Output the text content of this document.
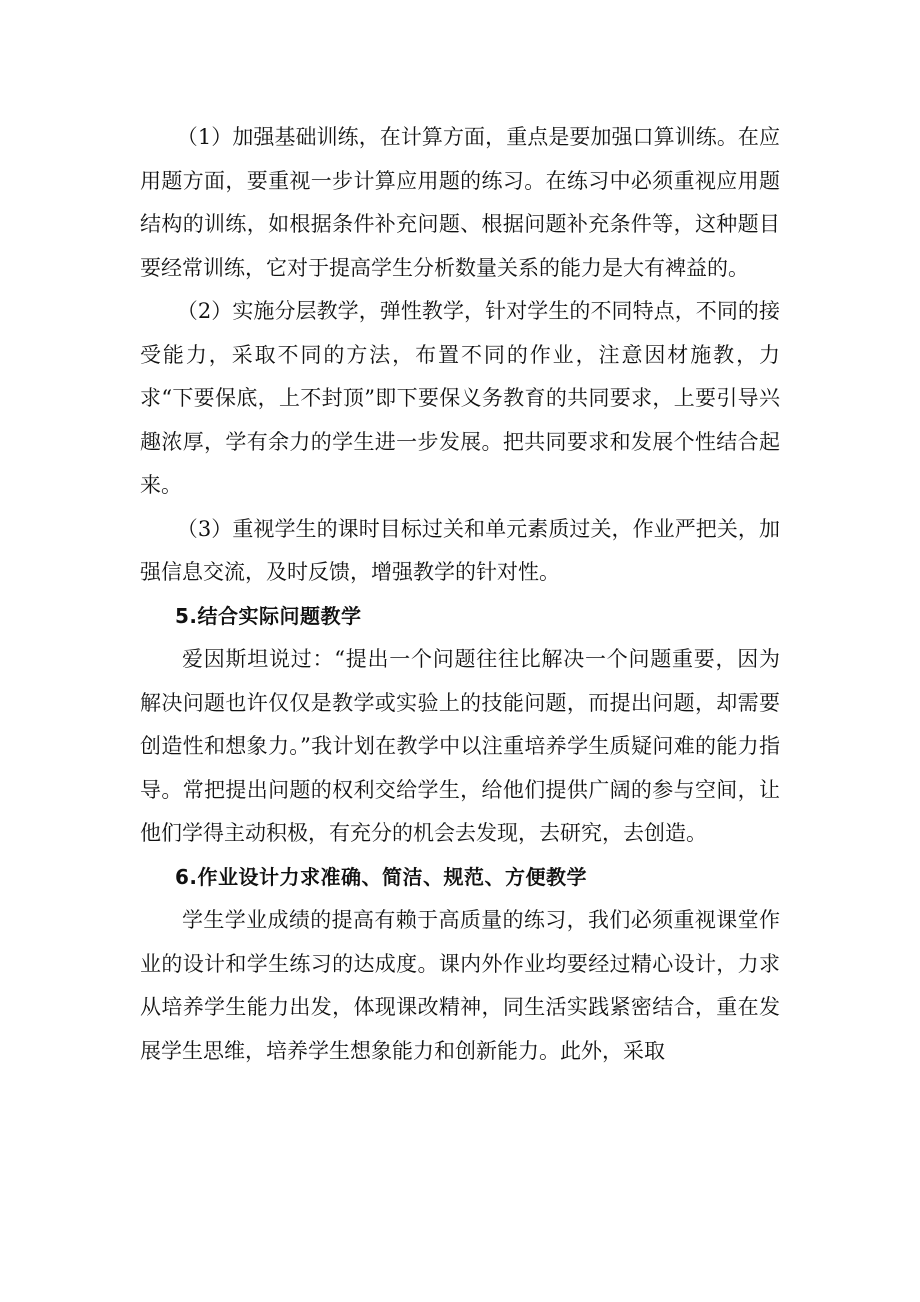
（1）加强基础训练，在计算方面，重点是要加强口算训练。在应用题方面，要重视一步计算应用题的练习。在练习中必须重视应用题结构的训练，如根据条件补充问题、根据问题补充条件等，这种题目要经常训练，它对于提高学生分析数量关系的能力是大有裨益的。

（2）实施分层教学，弹性教学，针对学生的不同特点，不同的接受能力，采取不同的方法，布置不同的作业，注意因材施教，力求“下要保底，上不封顶”即下要保义务教育的共同要求，上要引导兴趣浓厚，学有余力的学生进一步发展。把共同要求和发展个性结合起来。

（3）重视学生的课时目标过关和单元素质过关，作业严把关，加强信息交流，及时反馈，增强教学的针对性。

5.结合实际问题教学

爱因斯坦说过：“提出一个问题往往比解决一个问题重要，因为解决问题也许仅仅是教学或实验上的技能问题，而提出问题，却需要创造性和想象力。”我计划在教学中以注重培养学生质疑问难的能力指导。常把提出问题的权利交给学生，给他们提供广阔的参与空间，让他们学得主动积极，有充分的机会去发现，去研究，去创造。

6.作业设计力求准确、简洁、规范、方便教学

学生学业成绩的提高有赖于高质量的练习，我们必须重视课堂作业的设计和学生练习的达成度。课内外作业均要经过精心设计，力求从培养学生能力出发，体现课改精神，同生活实践紧密结合，重在发展学生思维，培养学生想象能力和创新能力。此外，采取
